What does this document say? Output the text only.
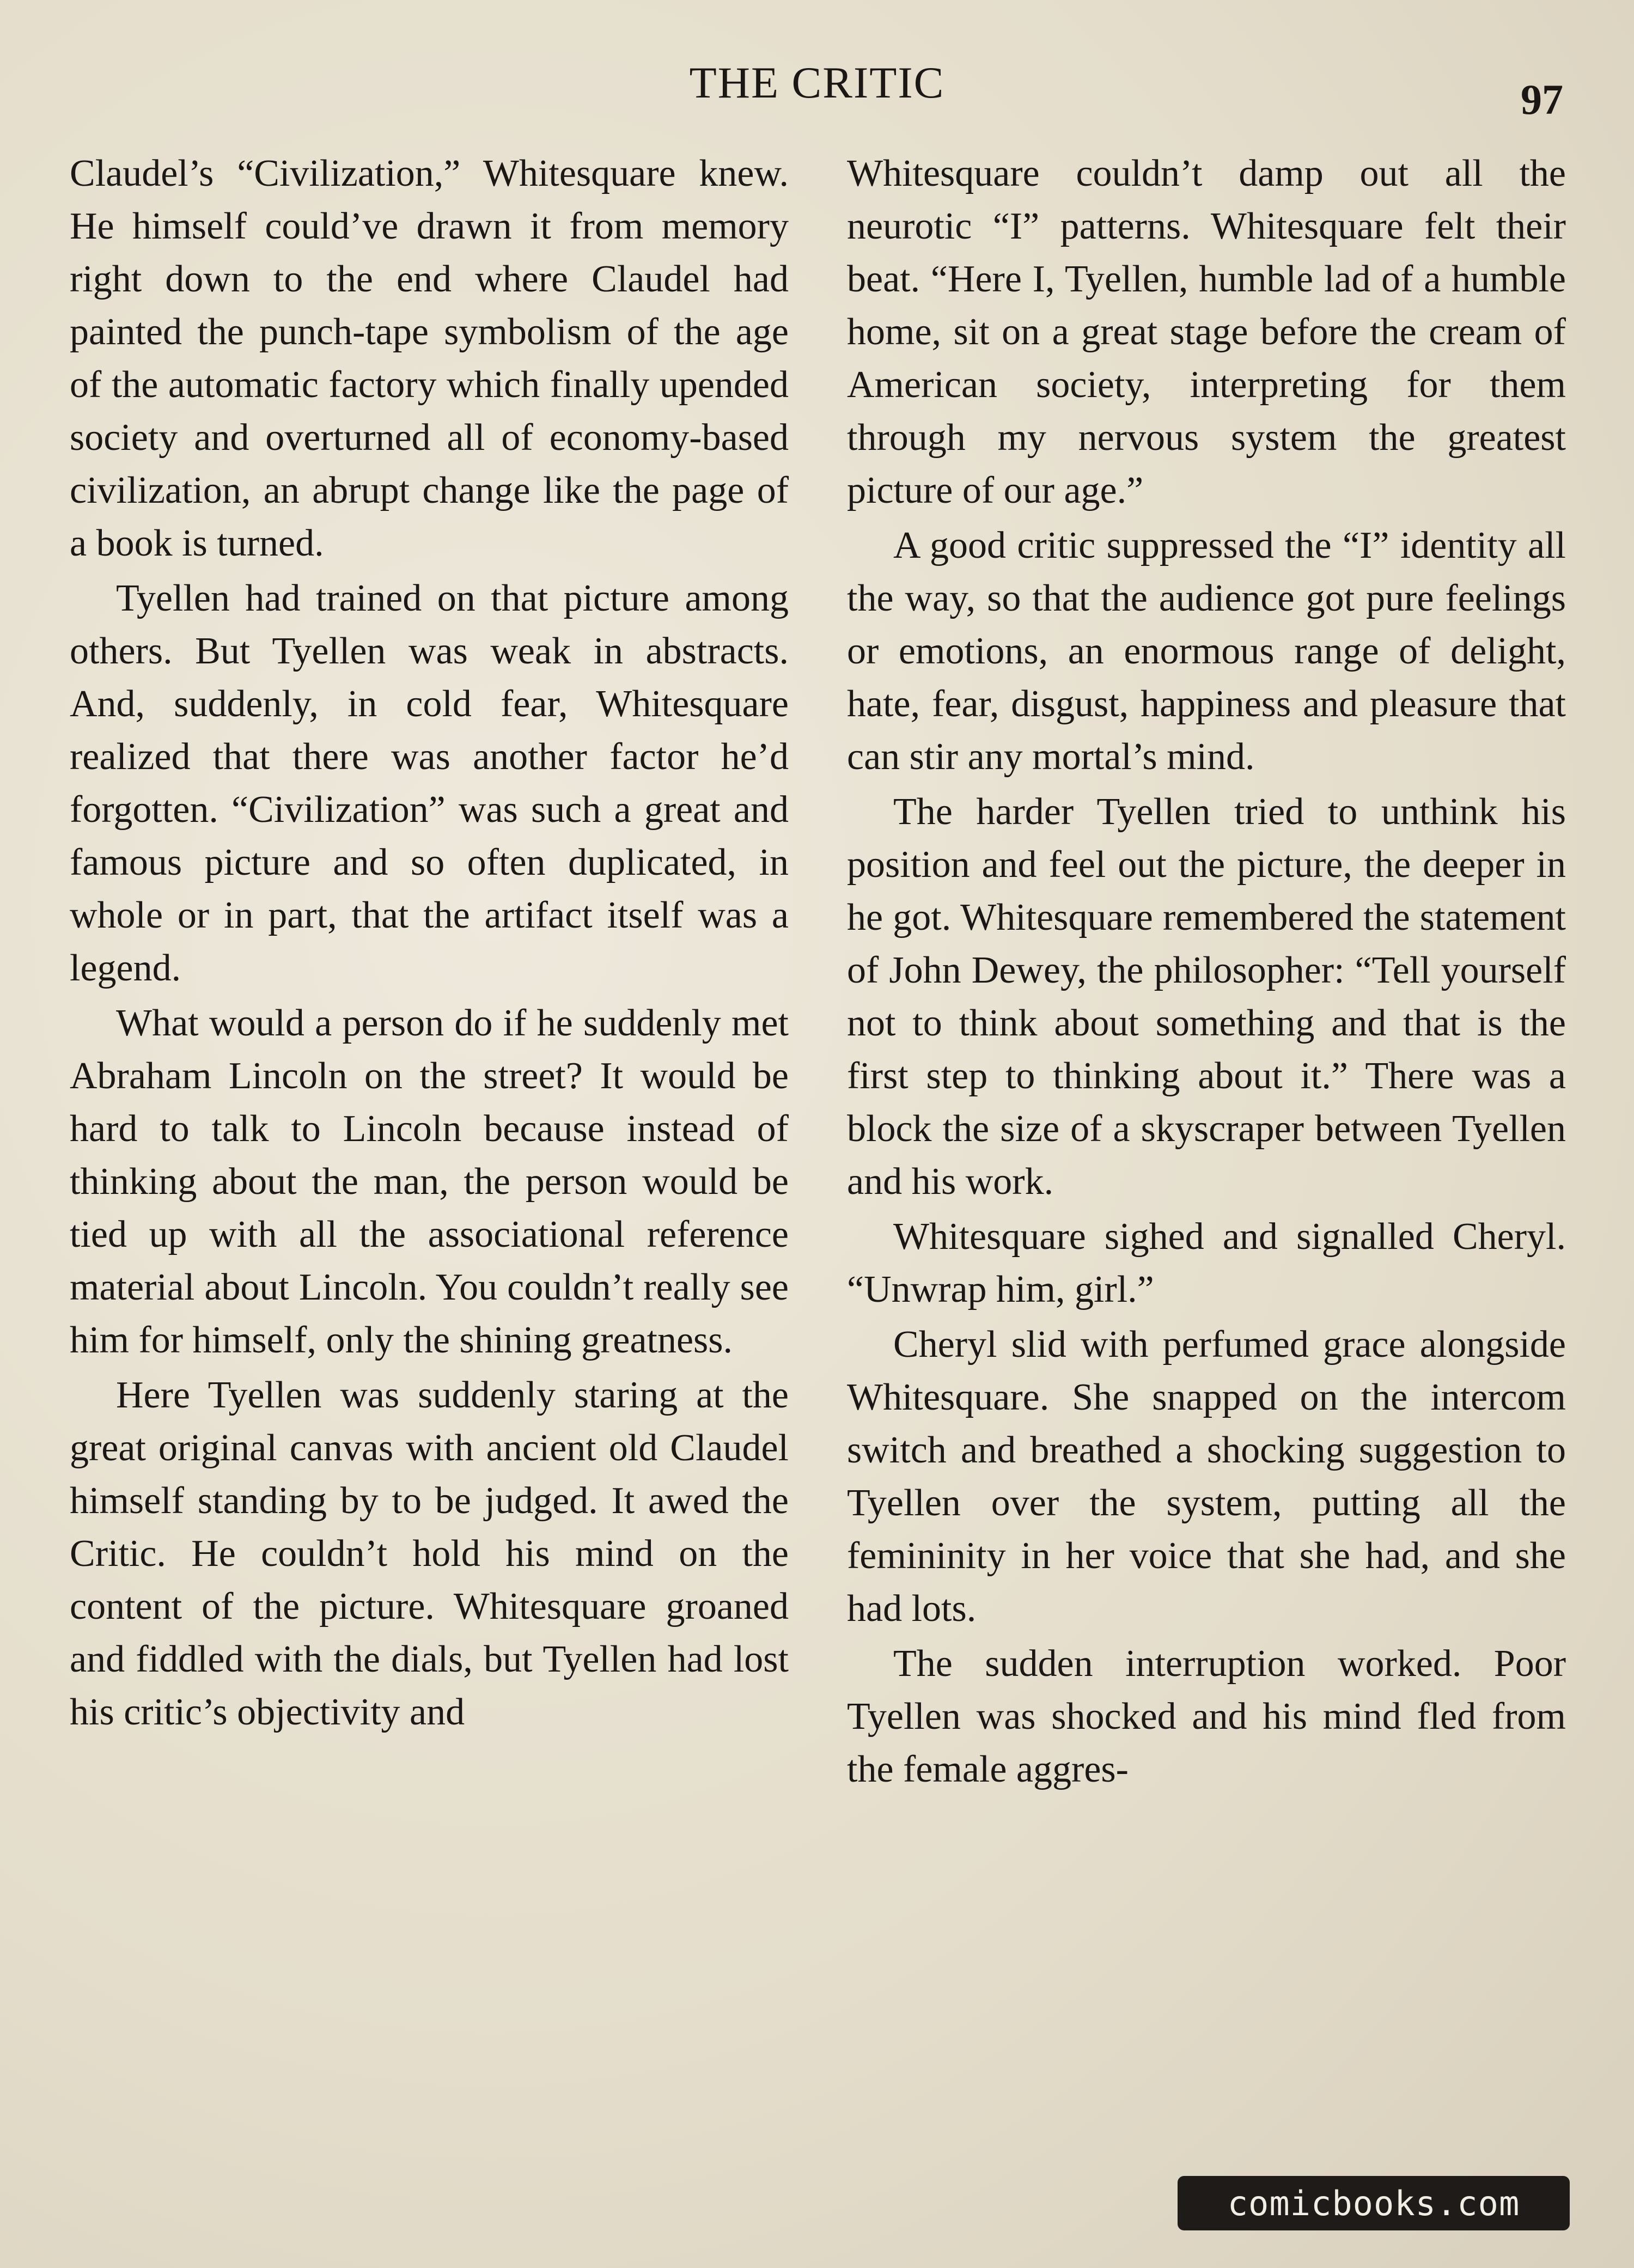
THE CRITIC	97

Claudel’s “Civilization,” Whitesquare knew. He himself could’ve drawn it from memory right down to the end where Claudel had painted the punch-tape symbolism of the age of the automatic factory which finally upended society and overturned all of economy-based civilization, an abrupt change like the page of a book is turned.

Tyellen had trained on that picture among others. But Tyellen was weak in abstracts. And, suddenly, in cold fear, Whitesquare realized that there was another factor he’d forgotten. “Civilization” was such a great and famous picture and so often duplicated, in whole or in part, that the artifact itself was a legend.

What would a person do if he suddenly met Abraham Lincoln on the street? It would be hard to talk to Lincoln because instead of thinking about the man, the person would be tied up with all the associational reference material about Lincoln. You couldn’t really see him for himself, only the shining greatness.

Here Tyellen was suddenly staring at the great original canvas with ancient old Claudel himself standing by to be judged. It awed the Critic. He couldn’t hold his mind on the content of the picture. Whitesquare groaned and fiddled with the dials, but Tyellen had lost his critic’s objectivity and

Whitesquare couldn’t damp out all the neurotic “I” patterns. Whitesquare felt their beat. “Here I, Tyellen, humble lad of a humble home, sit on a great stage before the cream of American society, interpreting for them through my nervous system the greatest picture of our age.”

A good critic suppressed the “I” identity all the way, so that the audience got pure feelings or emotions, an enormous range of delight, hate, fear, disgust, happiness and pleasure that can stir any mortal’s mind.

The harder Tyellen tried to unthink his position and feel out the picture, the deeper in he got. Whitesquare remembered the statement of John Dewey, the philosopher: “Tell yourself not to think about something and that is the first step to thinking about it.” There was a block the size of a skyscraper between Tyellen and his work.

Whitesquare sighed and signalled Cheryl. “Unwrap him, girl.”

Cheryl slid with perfumed grace alongside Whitesquare. She snapped on the intercom switch and breathed a shocking suggestion to Tyellen over the system, putting all the femininity in her voice that she had, and she had lots.

The sudden interruption worked. Poor Tyellen was shocked and his mind fled from the female aggres-

comicbooks.com
